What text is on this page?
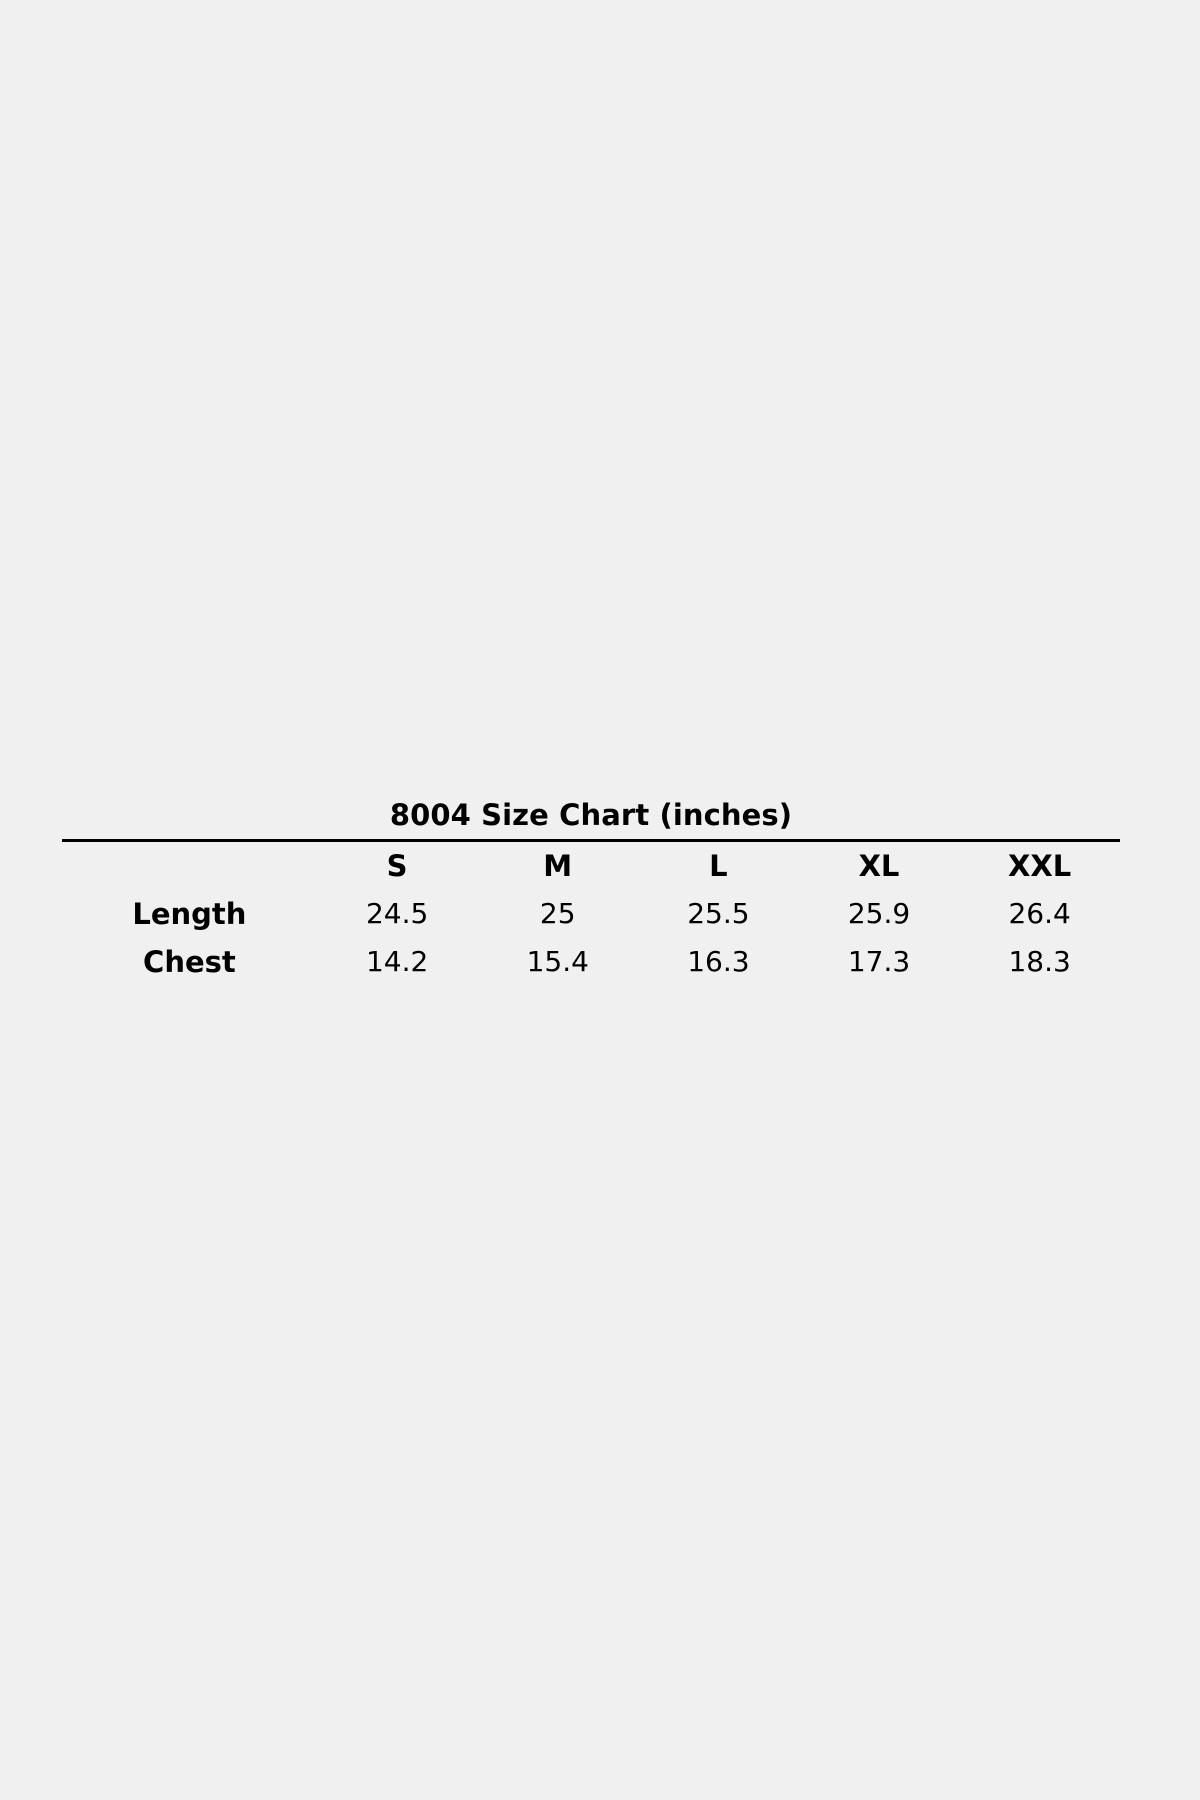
8004 Size Chart (inches)
	S	M	L	XL	XXL
Length	24.5	25	25.5	25.9	26.4
Chest	14.2	15.4	16.3	17.3	18.3
